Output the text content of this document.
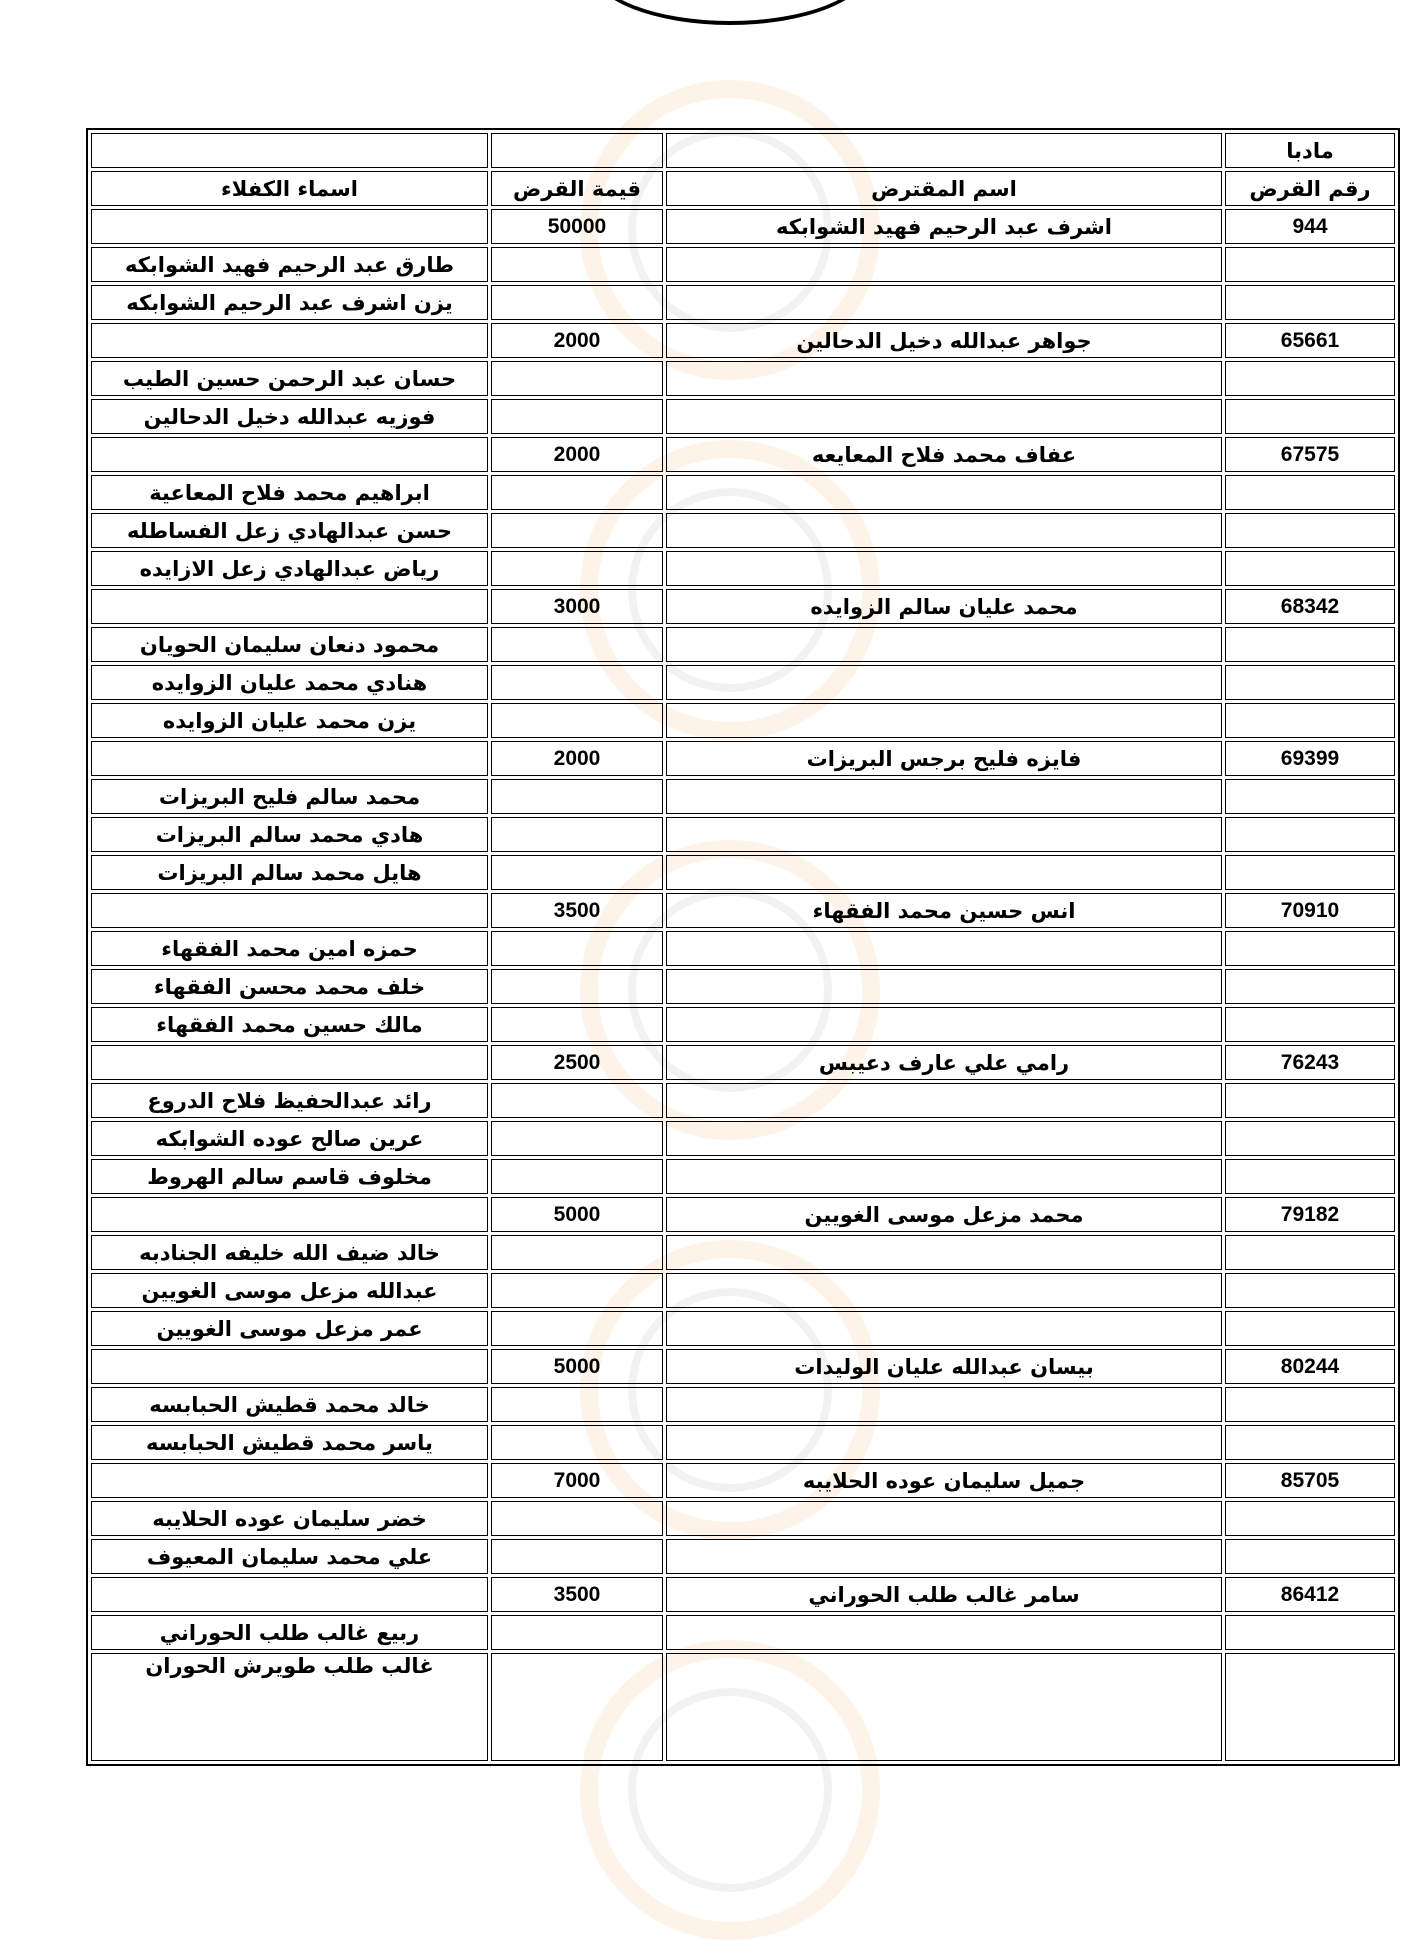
مادبا			
رقم القرض	اسم المقترض	قيمة القرض	اسماء الكفلاء
944	اشرف عبد الرحيم فهيد الشوابكه	50000	
			طارق عبد الرحيم فهيد الشوابكه
			يزن اشرف عبد الرحيم الشوابكه
65661	جواهر عبدالله دخيل الدحالين	2000	
			حسان عبد الرحمن حسين الطيب
			فوزيه عبدالله دخيل الدحالين
67575	عفاف محمد فلاح المعايعه	2000	
			ابراهيم محمد فلاح المعاعية
			حسن عبدالهادي زعل الفساطله
			رياض عبدالهادي زعل الازايده
68342	محمد عليان سالم الزوايده	3000	
			محمود دنعان سليمان الحويان
			هنادي محمد عليان الزوايده
			يزن محمد عليان الزوايده
69399	فايزه فليح برجس البريزات	2000	
			محمد سالم فليح البريزات
			هادي محمد سالم البريزات
			هايل محمد سالم البريزات
70910	انس حسين محمد الفقهاء	3500	
			حمزه امين محمد الفقهاء
			خلف محمد محسن الفقهاء
			مالك حسين محمد الفقهاء
76243	رامي علي عارف دعيبس	2500	
			رائد عبدالحفيظ فلاح الدروع
			عرين صالح عوده الشوابكه
			مخلوف قاسم سالم الهروط
79182	محمد مزعل موسى الغويين	5000	
			خالد ضيف الله خليفه الجنادبه
			عبدالله مزعل موسى الغويين
			عمر مزعل موسى الغويين
80244	بيسان عبدالله عليان الوليدات	5000	
			خالد محمد قطيش الحبابسه
			ياسر محمد قطيش الحبابسه
85705	جميل سليمان عوده الحلايبه	7000	
			خضر سليمان عوده الحلايبه
			علي محمد سليمان المعيوف
86412	سامر غالب طلب الحوراني	3500	
			ربيع غالب طلب الحوراني
			غالب طلب طويرش الحوران
